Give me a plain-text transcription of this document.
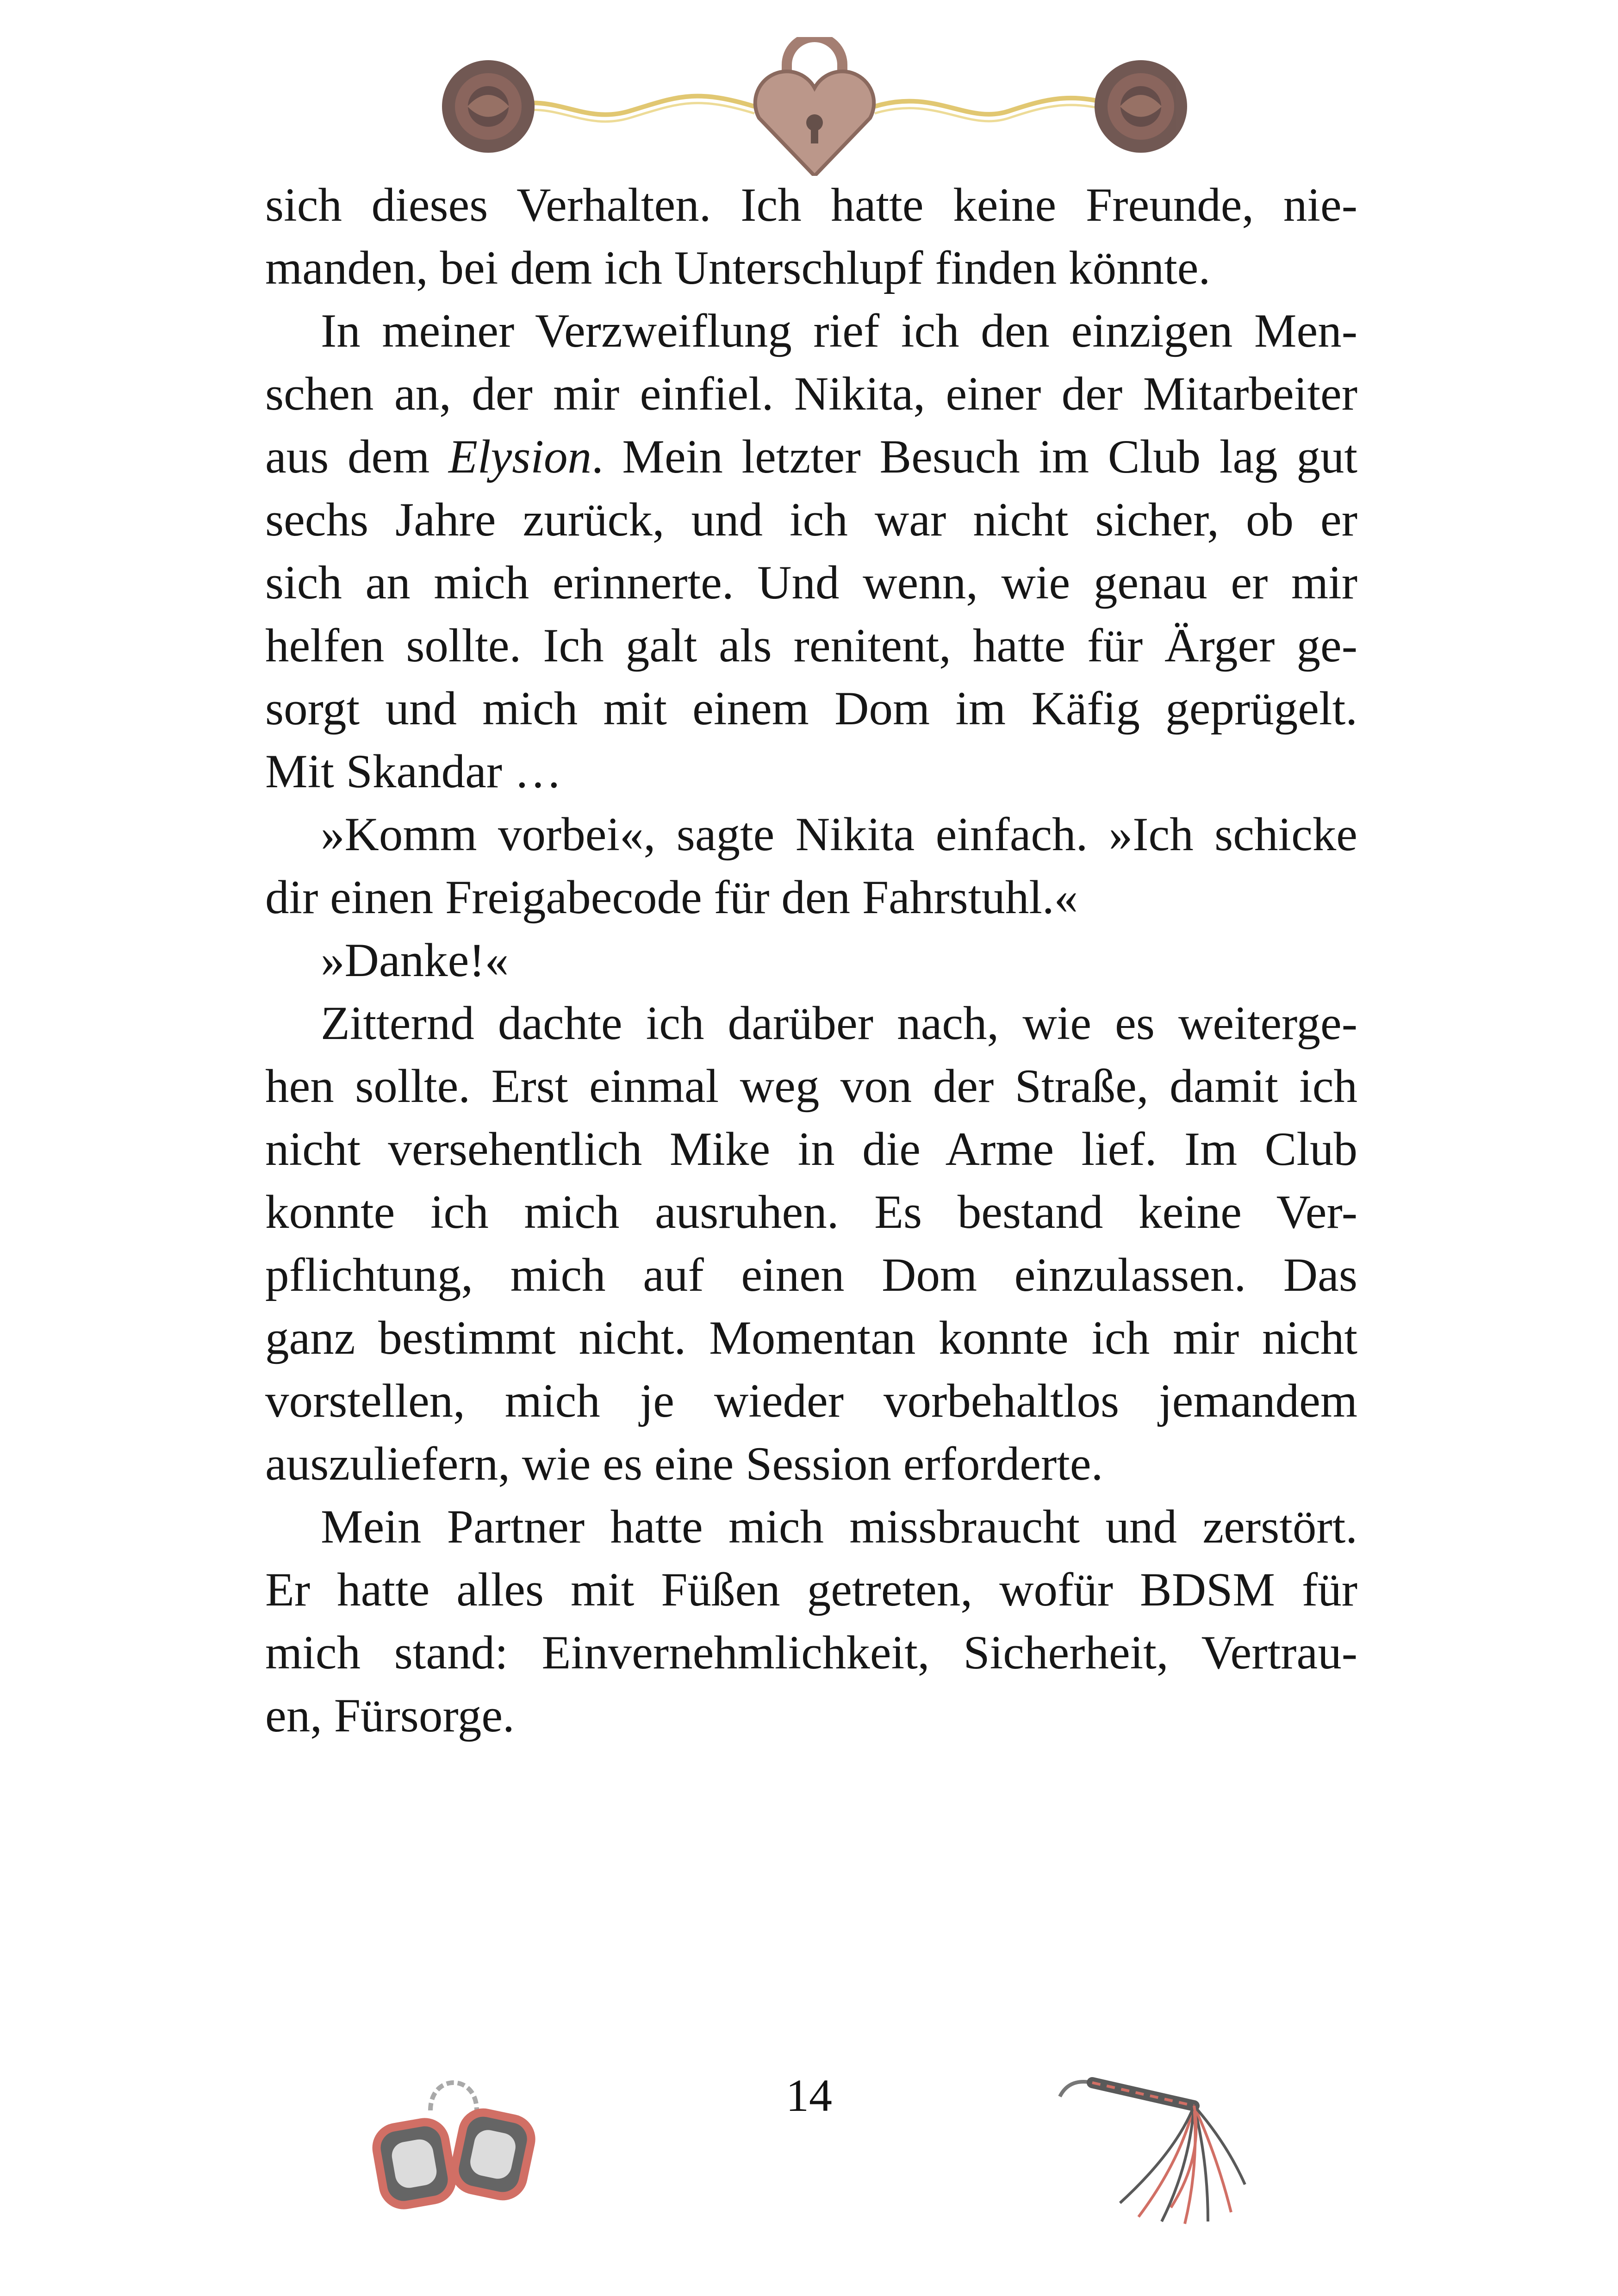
sich dieses Verhalten. Ich hatte keine Freunde, nie-
manden, bei dem ich Unterschlupf finden könnte.
In meiner Verzweiflung rief ich den einzigen Men-
schen an, der mir einfiel. Nikita, einer der Mitarbeiter
aus dem Elysion. Mein letzter Besuch im Club lag gut
sechs Jahre zurück, und ich war nicht sicher, ob er
sich an mich erinnerte. Und wenn, wie genau er mir
helfen sollte. Ich galt als renitent, hatte für Ärger ge-
sorgt und mich mit einem Dom im Käfig geprügelt.
Mit Skandar …
»Komm vorbei«, sagte Nikita einfach. »Ich schicke
dir einen Freigabecode für den Fahrstuhl.«
»Danke!«
Zitternd dachte ich darüber nach, wie es weiterge-
hen sollte. Erst einmal weg von der Straße, damit ich
nicht versehentlich Mike in die Arme lief. Im Club
konnte ich mich ausruhen. Es bestand keine Ver-
pflichtung, mich auf einen Dom einzulassen. Das
ganz bestimmt nicht. Momentan konnte ich mir nicht
vorstellen, mich je wieder vorbehaltlos jemandem
auszuliefern, wie es eine Session erforderte.
Mein Partner hatte mich missbraucht und zerstört.
Er hatte alles mit Füßen getreten, wofür BDSM für
mich stand: Einvernehmlichkeit, Sicherheit, Vertrau-
en, Fürsorge.
14
